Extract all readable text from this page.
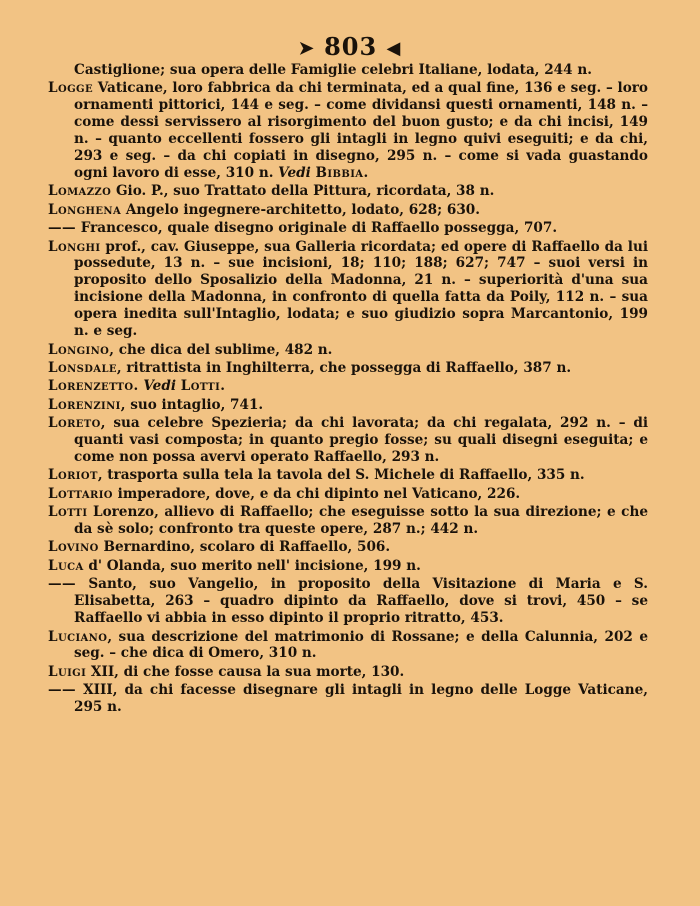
➤ 803 ◀
Castiglione; sua opera delle Famiglie celebri Italiane, lodata, 244 n.
Logge Vaticane, loro fabbrica da chi terminata, ed a qual fine, 136 e seg. – loro ornamenti pittorici, 144 e seg. – come dividansi questi ornamenti, 148 n. – come dessi servissero al risorgimento del buon gusto; e da chi incisi, 149 n. – quanto eccellenti fossero gli intagli in legno quivi eseguiti; e da chi, 293 e seg. – da chi copiati in disegno, 295 n. – come si vada guastando ogni lavoro di esse, 310 n. Vedi Bibbia.
Lomazzo Gio. P., suo Trattato della Pittura, ricordata, 38 n.
Longhena Angelo ingegnere-architetto, lodato, 628; 630.
—— Francesco, quale disegno originale di Raffaello possegga, 707.
Longhi prof., cav. Giuseppe, sua Galleria ricordata; ed opere di Raffaello da lui possedute, 13 n. – sue incisioni, 18; 110; 188; 627; 747 – suoi versi in proposito dello Sposalizio della Madonna, 21 n. – superiorità d'una sua incisione della Madonna, in confronto di quella fatta da Poily, 112 n. – sua opera inedita sull'Intaglio, lodata; e suo giudizio sopra Marcantonio, 199 n. e seg.
Longino, che dica del sublime, 482 n.
Lonsdale, ritrattista in Inghilterra, che possegga di Raffaello, 387 n.
Lorenzetto. Vedi Lotti.
Lorenzini, suo intaglio, 741.
Loreto, sua celebre Spezieria; da chi lavorata; da chi regalata, 292 n. – di quanti vasi composta; in quanto pregio fosse; su quali disegni eseguita; e come non possa avervi operato Raffaello, 293 n.
Loriot, trasporta sulla tela la tavola del S. Michele di Raffaello, 335 n.
Lottario imperadore, dove, e da chi dipinto nel Vaticano, 226.
Lotti Lorenzo, allievo di Raffaello; che eseguisse sotto la sua direzione; e che da sè solo; confronto tra queste opere, 287 n.; 442 n.
Lovino Bernardino, scolaro di Raffaello, 506.
Luca d' Olanda, suo merito nell' incisione, 199 n.
—— Santo, suo Vangelio, in proposito della Visitazione di Maria e S. Elisabetta, 263 – quadro dipinto da Raffaello, dove si trovi, 450 – se Raffaello vi abbia in esso dipinto il proprio ritratto, 453.
Luciano, sua descrizione del matrimonio di Rossane; e della Calunnia, 202 e seg. – che dica di Omero, 310 n.
Luigi XII, di che fosse causa la sua morte, 130.
—— XIII, da chi facesse disegnare gli intagli in legno delle Logge Vaticane, 295 n.
